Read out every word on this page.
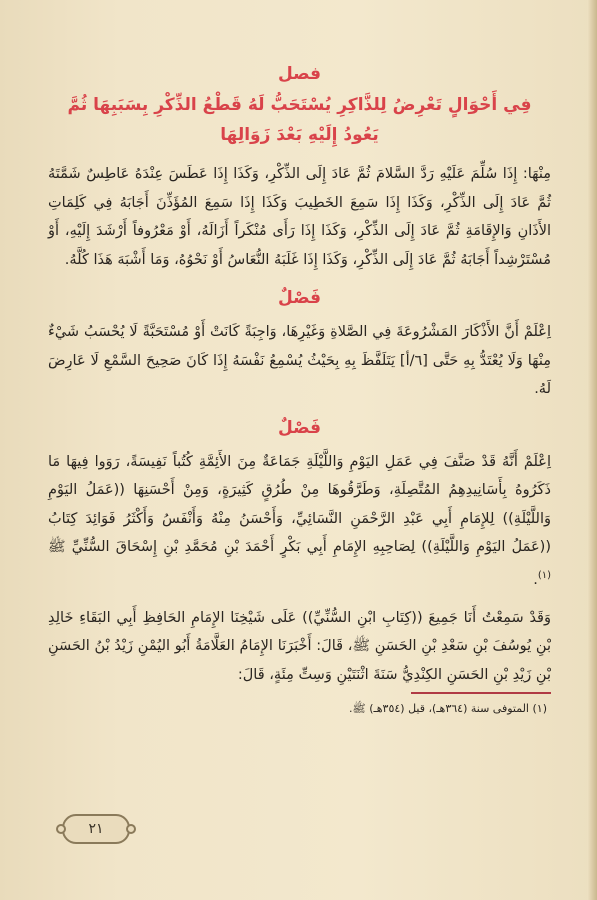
فصل

فِي أَحْوَالٍ تَعْرِضُ لِلذَّاكِرِ يُسْتَحَبُّ لَهُ قَطْعُ الذِّكْرِ بِسَبَبِهَا ثُمَّ يَعُودُ إِلَيْهِ بَعْدَ زَوَالِهَا

مِنْهَا: إِذَا سُلِّمَ عَلَيْهِ رَدَّ السَّلامَ ثُمَّ عَادَ إِلَى الذِّكْرِ، وَكَذَا إِذَا عَطَسَ عِنْدَهُ عَاطِسٌ شَمَّتَهُ ثُمَّ عَادَ إِلَى الذِّكْرِ، وَكَذَا إِذَا سَمِعَ الخَطِيبَ وَكَذَا إِذَا سَمِعَ المُؤَذِّنَ أَجَابَهُ فِي كَلِمَاتِ الأَذَانِ وَالإِقَامَةِ ثُمَّ عَادَ إِلَى الذِّكْرِ، وَكَذَا إِذَا رَأَى مُنْكَراً أَزَالَهُ، أَوْ مَعْرُوفاً أَرْشَدَ إِلَيْهِ، أَوْ مُسْتَرْشِداً أَجَابَهُ ثُمَّ عَادَ إِلَى الذِّكْرِ، وَكَذَا إِذَا غَلَبَهُ النُّعَاسُ أَوْ نَحْوُهُ، وَمَا أَشْبَهَ هَذَا كُلَّهُ.

فَصْلٌ

اِعْلَمْ أَنَّ الأَذْكَارَ المَشْرُوعَةَ فِي الصَّلاةِ وَغَيْرِهَا، وَاجِبَةً كَانَتْ أَوْ مُسْتَحَبَّةً لَا يُحْسَبُ شَيْءٌ مِنْهَا وَلَا يُعْتَدُّ بِهِ حَتَّى [٦/أ] يَتَلَفَّظَ بِهِ بِحَيْثُ يُسْمِعُ نَفْسَهُ إِذَا كَانَ صَحِيحَ السَّمْعِ لَا عَارِضَ لَهُ.

فَصْلٌ

اِعْلَمْ أَنَّهُ قَدْ صَنَّفَ فِي عَمَلِ اليَوْمِ وَاللَّيْلَةِ جَمَاعَةٌ مِنَ الأَئِمَّةِ كُتُباً نَفِيسَةً، رَوَوا فِيهَا مَا ذَكَرُوهُ بِأَسَانِيدِهِمُ المُتَّصِلَةِ، وَطَرَّقُوهَا مِنْ طُرُقٍ كَثِيرَةٍ، وَمِنْ أَحْسَنِهَا ((عَمَلُ اليَوْمِ وَاللَّيْلَةِ)) لِلإِمَامِ أَبِي عَبْدِ الرَّحْمَنِ النَّسَائِيِّ، وَأَحْسَنُ مِنْهُ وَأَنْفَسُ وَأَكْثَرُ فَوَائِدَ كِتَابُ ((عَمَلُ اليَوْمِ وَاللَّيْلَةِ)) لِصَاحِبِهِ الإِمَامِ أَبِي بَكْرٍ أَحْمَدَ بْنِ مُحَمَّدِ بْنِ إِسْحَاقَ السُّنِّيِّ ﷺ $^{(١)}$.

وَقَدْ سَمِعْتُ أَنَا جَمِيعَ ((كِتَابِ ابْنِ السُّنِّيِّ)) عَلَى شَيْخِنَا الإِمَامِ الحَافِظِ أَبِي البَقَاءِ خَالِدِ بْنِ يُوسُفَ بْنِ سَعْدِ بْنِ الحَسَنِ ﷺ، قَالَ: أَخْبَرَنَا الإِمَامُ العَلَّامَةُ أَبُو اليُمْنِ زَيْدُ بْنُ الحَسَنِ بْنِ زَيْدِ بْنِ الحَسَنِ الكِنْدِيُّ سَنَةَ اثْنَتَيْنِ وَسِتِّ مِئَةٍ، قَالَ:

(١) المتوفى سنة (٣٦٤هـ)، قيل (٣٥٤هـ) ﷺ.
٢١
